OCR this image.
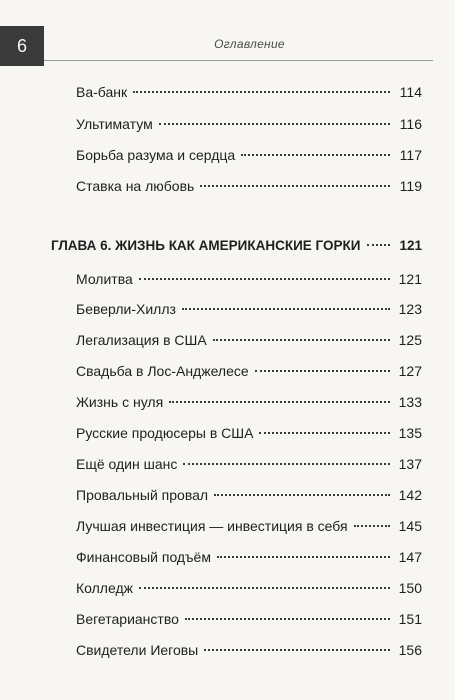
6	Оглавление
Ва-банк	114
Ультиматум	116
Борьба разума и сердца	117
Ставка на любовь	119
ГЛАВА 6. ЖИЗНЬ КАК АМЕРИКАНСКИЕ ГОРКИ	121
Молитва	121
Беверли-Хиллз	123
Легализация в США	125
Свадьба в Лос-Анджелесе	127
Жизнь с нуля	133
Русские продюсеры в США	135
Ещё один шанс	137
Провальный провал	142
Лучшая инвестиция — инвестиция в себя	145
Финансовый подъём	147
Колледж	150
Вегетарианство	151
Свидетели Иеговы	156
